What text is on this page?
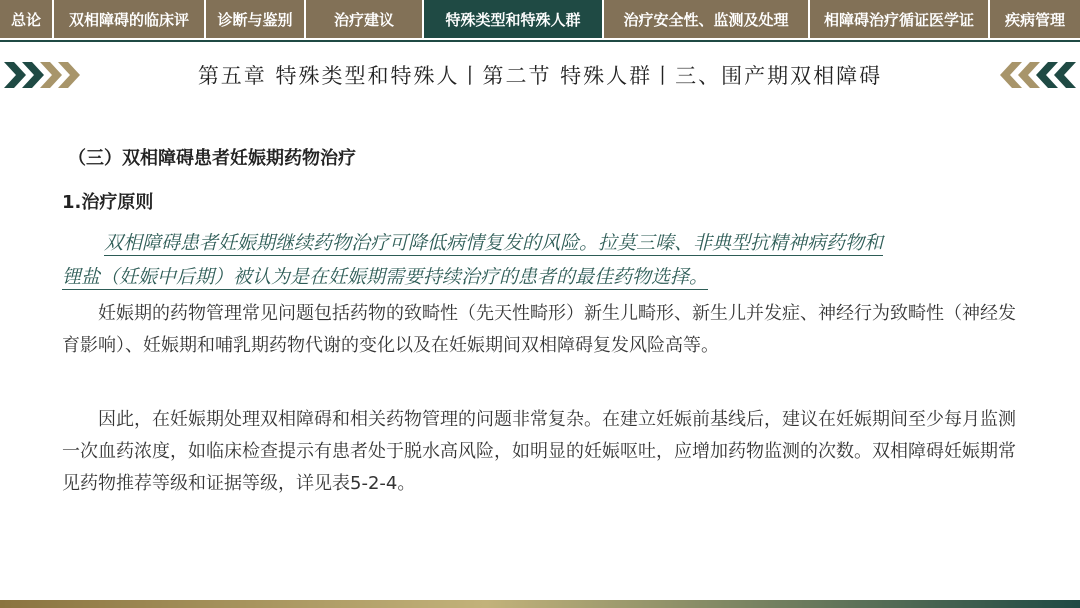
总论	双相障碍的临床评	诊断与鉴别	治疗建议	特殊类型和特殊人群	治疗安全性、监测及处理	相障碍治疗循证医学证	疾病管理
第五章 特殊类型和特殊人丨第二节 特殊人群丨三、围产期双相障碍
（三）双相障碍患者妊娠期药物治疗
1.治疗原则
双相障碍患者妊娠期继续药物治疗可降低病情复发的风险。拉莫三嗪、非典型抗精神病药物和
锂盐（妊娠中后期）被认为是在妊娠期需要持续治疗的患者的最佳药物选择。
妊娠期的药物管理常见问题包括药物的致畸性（先天性畸形）新生儿畸形、新生儿并发症、神经行为致畸性（神经发育影响）、妊娠期和哺乳期药物代谢的变化以及在妊娠期间双相障碍复发风险高等。
因此，在妊娠期处理双相障碍和相关药物管理的问题非常复杂。在建立妊娠前基线后，建议在妊娠期间至少每月监测一次血药浓度，如临床检查提示有患者处于脱水高风险，如明显的妊娠呕吐，应增加药物监测的次数。双相障碍妊娠期常见药物推荐等级和证据等级，详见表5-2-4。
